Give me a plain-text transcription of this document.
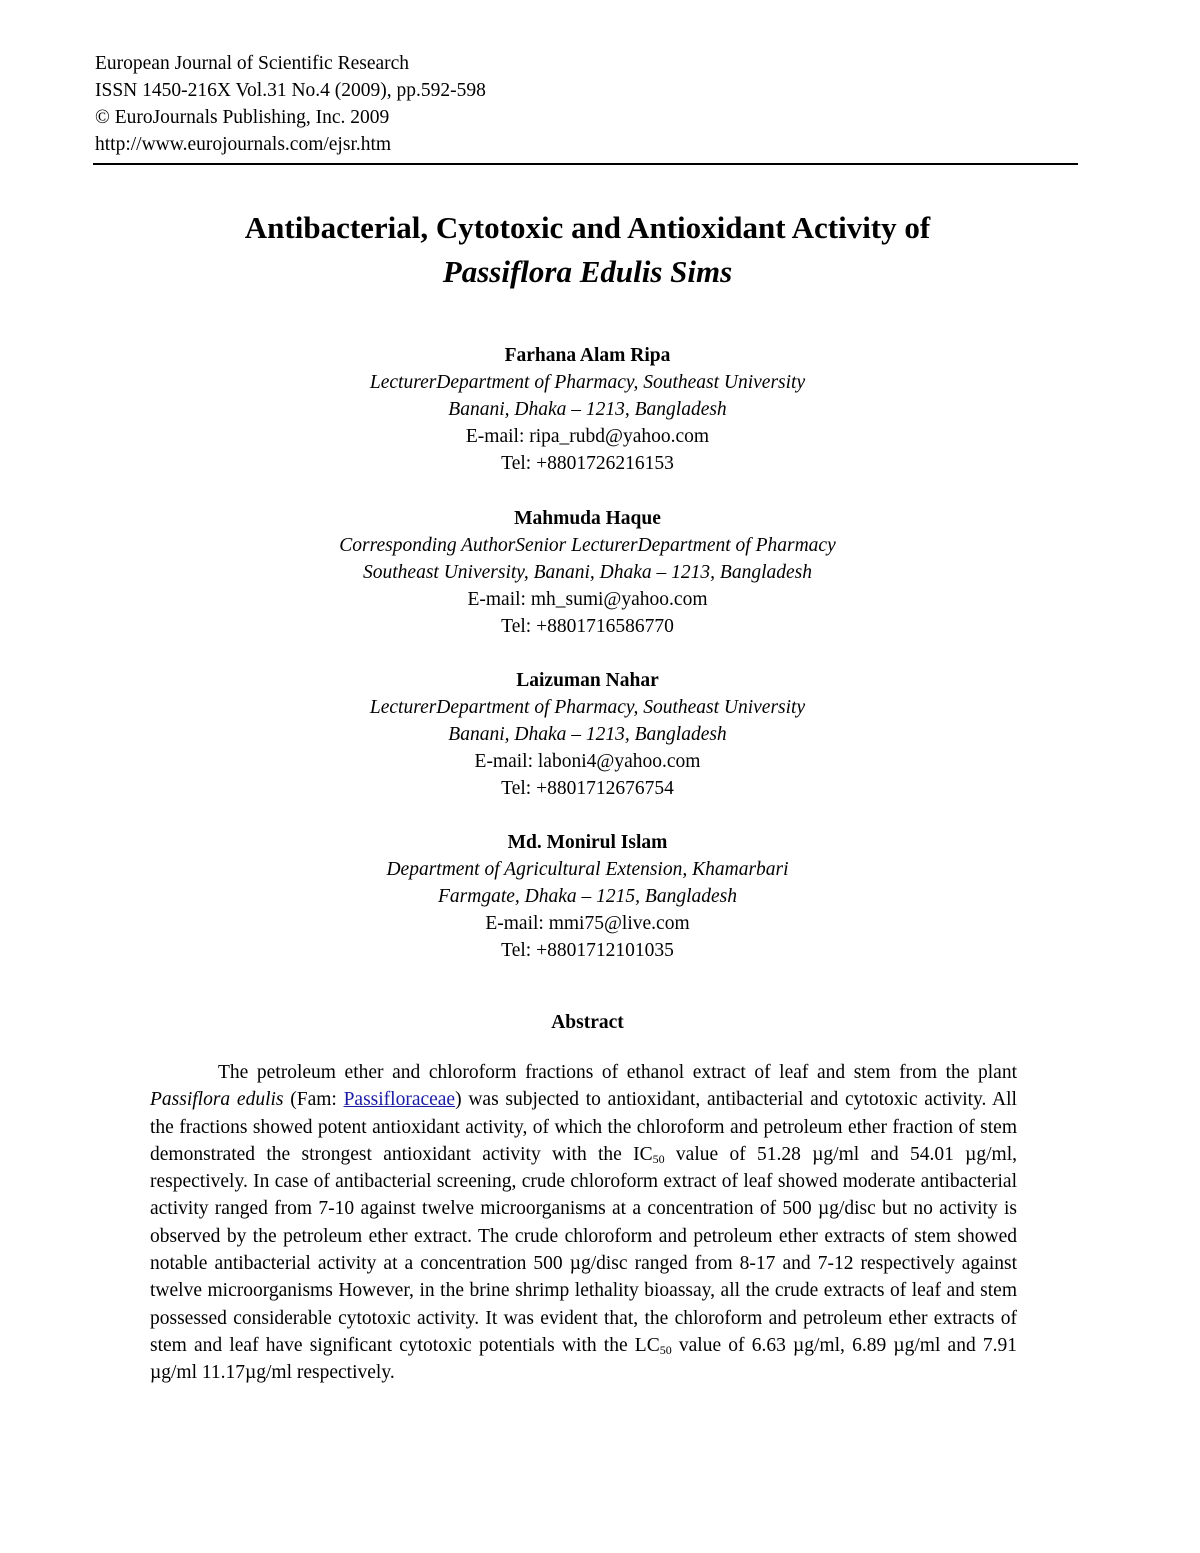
European Journal of Scientific Research
ISSN 1450-216X Vol.31 No.4 (2009), pp.592-598
© EuroJournals Publishing, Inc. 2009
http://www.eurojournals.com/ejsr.htm
Antibacterial, Cytotoxic and Antioxidant Activity of
Passiflora Edulis Sims
Farhana Alam Ripa
LecturerDepartment of Pharmacy, Southeast University
Banani, Dhaka – 1213, Bangladesh
E-mail: ripa_rubd@yahoo.com
Tel: +8801726216153
Mahmuda Haque
Corresponding AuthorSenior LecturerDepartment of Pharmacy
Southeast University, Banani, Dhaka – 1213, Bangladesh
E-mail: mh_sumi@yahoo.com
Tel: +8801716586770
Laizuman Nahar
LecturerDepartment of Pharmacy, Southeast University
Banani, Dhaka – 1213, Bangladesh
E-mail: laboni4@yahoo.com
Tel: +8801712676754
Md. Monirul Islam
Department of Agricultural Extension, Khamarbari
Farmgate, Dhaka – 1215, Bangladesh
E-mail: mmi75@live.com
Tel: +8801712101035
Abstract
The petroleum ether and chloroform fractions of ethanol extract of leaf and stem from the plant Passiflora edulis (Fam: Passifloraceae) was subjected to antioxidant, antibacterial and cytotoxic activity. All the fractions showed potent antioxidant activity, of which the chloroform and petroleum ether fraction of stem demonstrated the strongest antioxidant activity with the $IC_{50}$ value of 51.28 µg/ml and 54.01 µg/ml, respectively. In case of antibacterial screening, crude chloroform extract of leaf showed moderate antibacterial activity ranged from 7-10 against twelve microorganisms at a concentration of 500 µg/disc but no activity is observed by the petroleum ether extract. The crude chloroform and petroleum ether extracts of stem showed notable antibacterial activity at a concentration 500 µg/disc ranged from 8-17 and 7-12 respectively against twelve microorganisms However, in the brine shrimp lethality bioassay, all the crude extracts of leaf and stem possessed considerable cytotoxic activity. It was evident that, the chloroform and petroleum ether extracts of stem and leaf have significant cytotoxic potentials with the $LC_{50}$ value of 6.63 µg/ml, 6.89 µg/ml and 7.91 µg/ml 11.17µg/ml respectively.
